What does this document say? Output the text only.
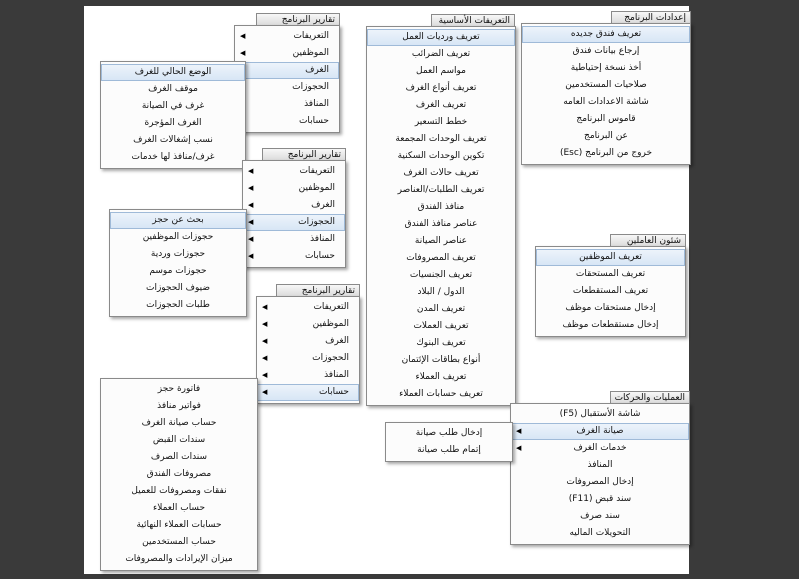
إعدادات البرنامج
تعريف فندق جديده
إرجاع بيانات فندق
أخذ نسخة إحتياطية
صلاحيات المستخدمين
شاشة الاعدادات العامه
قاموس البرنامج
عن البرنامج
خروج من البرنامج (Esc)
التعريفات الأساسية
تعريف ورديات العمل
تعريف الضرائب
مواسم العمل
تعريف أنواع الغرف
تعريف الغرف
خطط التسعير
تعريف الوحدات المجمعة
تكوين الوحدات السكنية
تعريف حالات الغرف
تعريف الطلبات/العناصر
منافذ الفندق
عناصر منافذ الفندق
عناصر الصيانة
تعريف المصروفات
تعريف الجنسيات
الدول / البلاد
تعريف المدن
تعريف العملات
تعريف البنوك
أنواع بطاقات الإئتمان
تعريف العملاء
تعريف حسابات العملاء
تقارير البرنامج
◀	التعريفات
◀	الموظفين
الغرف
الحجوزات
المنافذ
حسابات
الوضع الحالي للغرف
موقف الغرف
غرف في الصيانة
الغرف المؤجرة
نسب إشغالات الغرف
غرف/منافذ لها خدمات	تقارير البرنامج
◀	التعريفات
◀	الموظفين
◀	الغرف
◀	الحجوزات
◀	المنافذ
◀	حسابات
بحث عن حجز
حجوزات الموظفين
حجوزات وردية
حجوزات موسم
ضيوف الحجوزات
طلبات الحجوزات
تقارير البرنامج
◀	التعريفات
◀	الموظفين
◀	الغرف
◀	الحجوزات
◀	المنافذ
◀	حسابات
فاتورة حجز
فواتير منافذ
حساب صيانة الغرف
سندات القبض
سندات الصرف
مصروفات الفندق
نفقات ومصروفات للعميل
حساب العملاء
حسابات العملاء النهائية
حساب المستخدمين
ميزان الإيرادات والمصروفات
شئون العاملين
تعريف الموظفين
تعريف المستحقات
تعريف المستقطعات
إدخال مستحقات موظف
إدخال مستقطعات موظف
العمليات والحركات
شاشة الأستقبال (F5)
◀	صيانة الغرف
◀	خدمات الغرف
المنافذ
إدخال المصروفات
سند قبض (F11)
سند صرف
التحويلات الماليه
إدخال طلب صيانة
إتمام طلب صيانة
